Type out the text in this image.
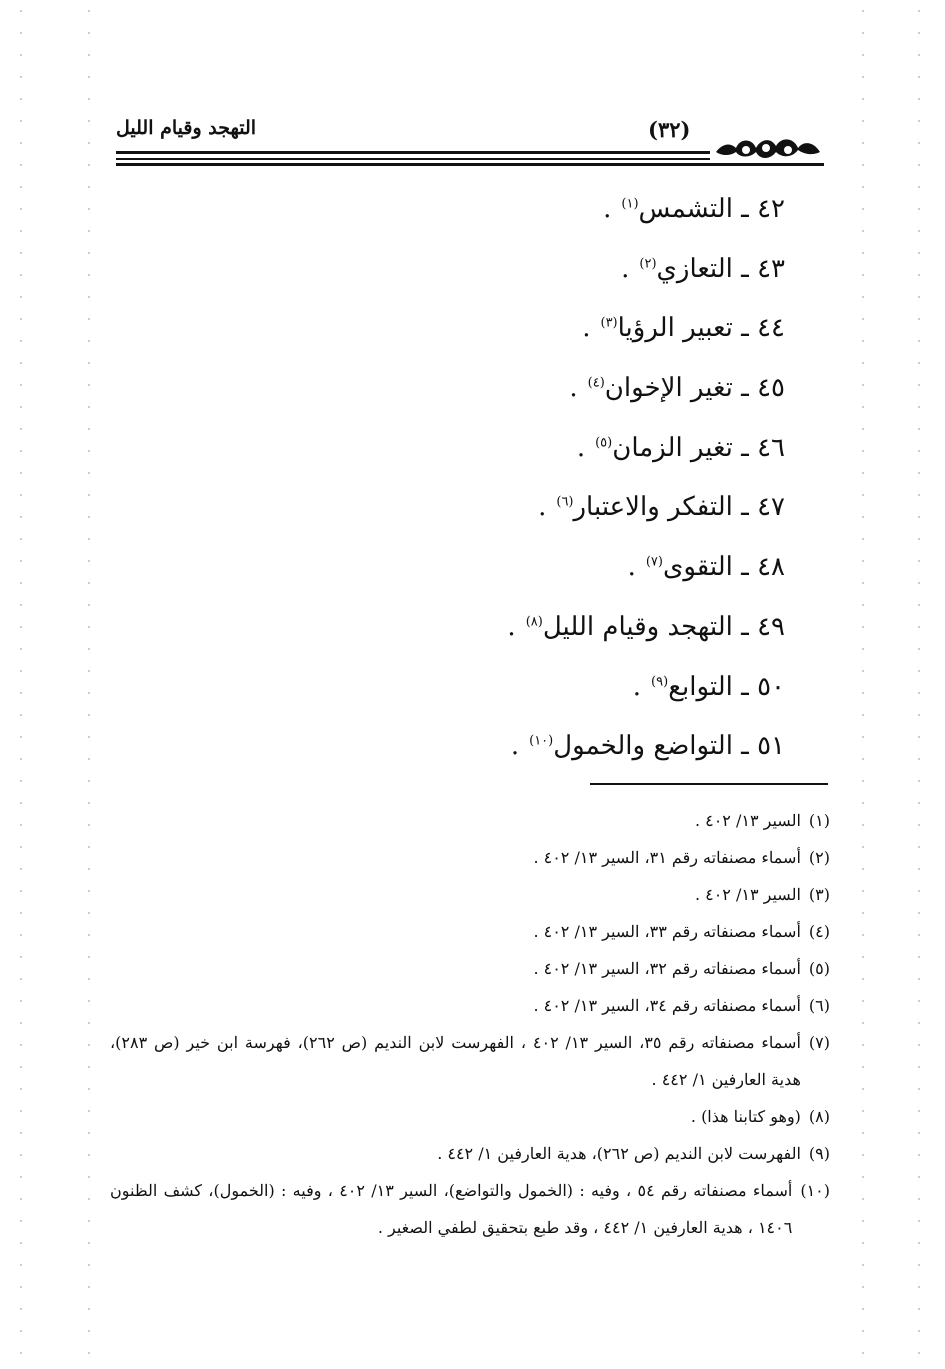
التهجد وقيام الليل	(٣٢)
٤٢ ـ التشمس$^{(١)}$.
٤٣ ـ التعازي$^{(٢)}$.
٤٤ ـ تعبير الرؤيا$^{(٣)}$.
٤٥ ـ تغير الإخوان$^{(٤)}$.
٤٦ ـ تغير الزمان$^{(٥)}$.
٤٧ ـ التفكر والاعتبار$^{(٦)}$.
٤٨ ـ التقوى$^{(٧)}$.
٤٩ ـ التهجد وقيام الليل$^{(٨)}$.
٥٠ ـ التوابع$^{(٩)}$.
٥١ ـ التواضع والخمول$^{(١٠)}$.
(١)
السير ١٣/ ٤٠٢ .
(٢)
أسماء مصنفاته رقم ٣١، السير ١٣/ ٤٠٢ .
(٣)
السير ١٣/ ٤٠٢ .
(٤)
أسماء مصنفاته رقم ٣٣، السير ١٣/ ٤٠٢ .
(٥)
أسماء مصنفاته رقم ٣٢، السير ١٣/ ٤٠٢ .
(٦)
أسماء مصنفاته رقم ٣٤، السير ١٣/ ٤٠٢ .
(٧)
أسماء مصنفاته رقم ٣٥، السير ١٣/ ٤٠٢ ، الفهرست لابن النديم (ص ٢٦٢)، فهرسة ابن خير (ص ٢٨٣)، هدية العارفين ١/ ٤٤٢ .
(٨)
(وهو كتابنا هذا) .
(٩)
الفهرست لابن النديم (ص ٢٦٢)، هدية العارفين ١/ ٤٤٢ .
(١٠)
أسماء مصنفاته رقم ٥٤ ، وفيه : (الخمول والتواضع)، السير ١٣/ ٤٠٢ ، وفيه : (الخمول)، كشف الظنون ١٤٠٦ ، هدية العارفين ١/ ٤٤٢ ، وقد طبع بتحقيق لطفي الصغير .
